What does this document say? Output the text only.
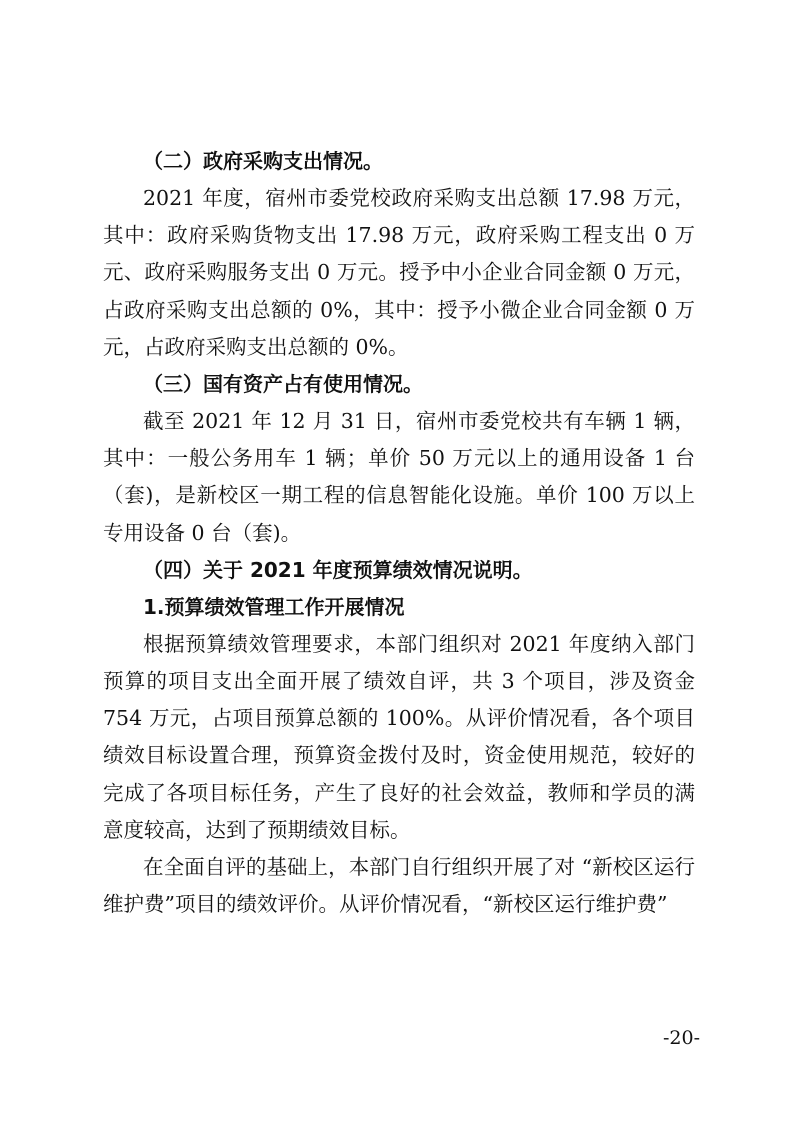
（二）政府采购支出情况。

2021 年度，宿州市委党校政府采购支出总额 17.98 万元，其中：政府采购货物支出 17.98 万元，政府采购工程支出 0 万元、政府采购服务支出 0 万元。授予中小企业合同金额 0 万元，占政府采购支出总额的 0%，其中：授予小微企业合同金额 0 万元，占政府采购支出总额的 0%。

（三）国有资产占有使用情况。

截至 2021 年 12 月 31 日，宿州市委党校共有车辆 1 辆，其中：一般公务用车 1 辆；单价 50 万元以上的通用设备 1 台（套)，是新校区一期工程的信息智能化设施。单价 100 万以上专用设备 0 台（套)。

（四）关于 2021 年度预算绩效情况说明。
1.预算绩效管理工作开展情况

根据预算绩效管理要求，本部门组织对 2021 年度纳入部门预算的项目支出全面开展了绩效自评，共 3 个项目，涉及资金 754 万元，占项目预算总额的 100%。从评价情况看，各个项目绩效目标设置合理，预算资金拨付及时，资金使用规范，较好的完成了各项目标任务，产生了良好的社会效益，教师和学员的满意度较高，达到了预期绩效目标。

在全面自评的基础上，本部门自行组织开展了对 “新校区运行维护费”项目的绩效评价。从评价情况看，“新校区运行维护费”

-20-
